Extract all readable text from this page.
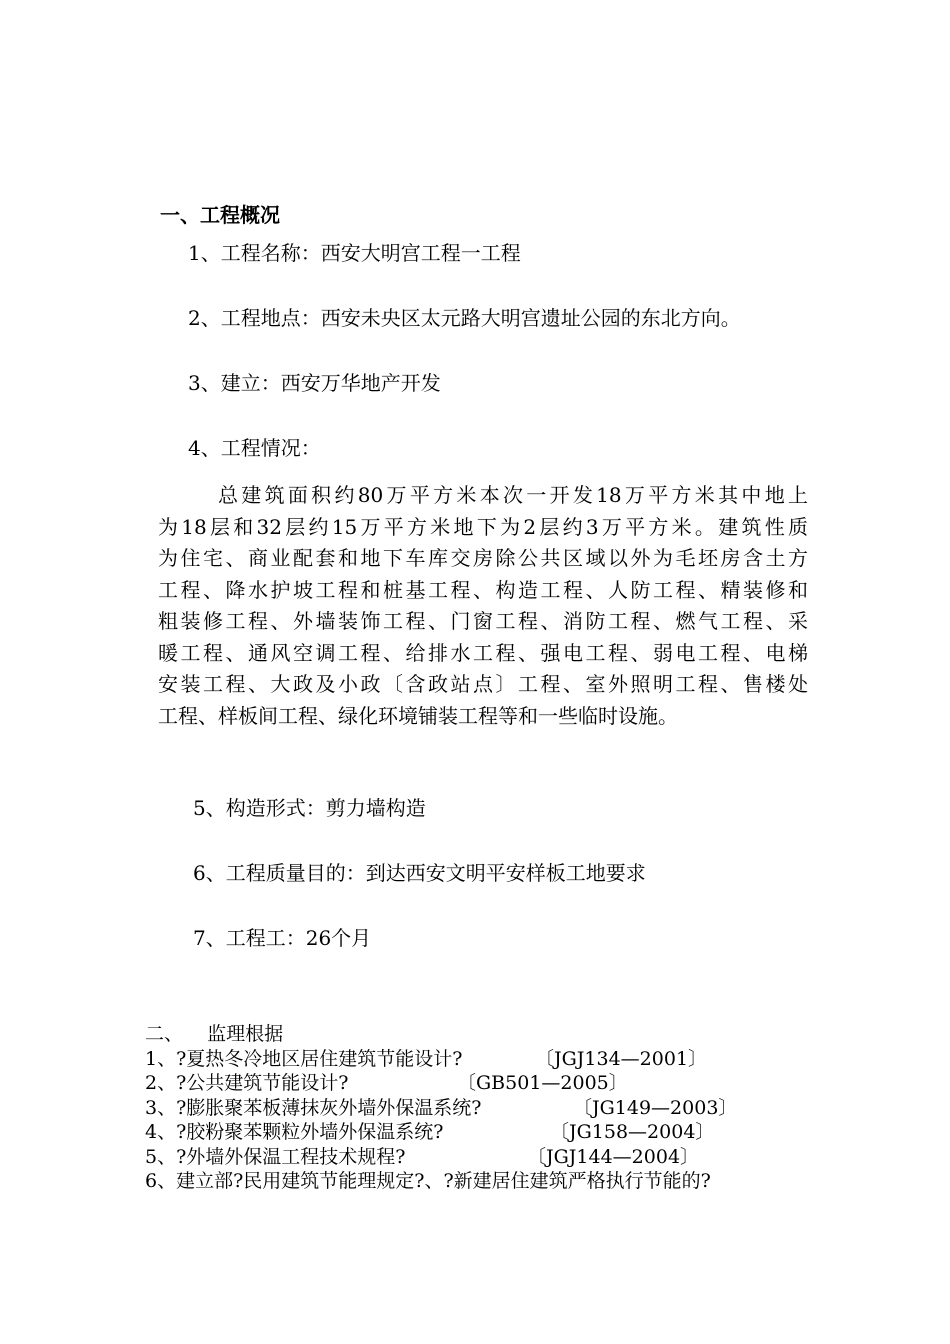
一、工程概况
1、工程名称：西安大明宫工程一工程
2、工程地点：西安未央区太元路大明宫遗址公园的东北方向。
3、建立：西安万华地产开发
4、工程情况：
总建筑面积约80万平方米本次一开发18万平方米其中地上
为18层和32层约15万平方米地下为2层约3万平方米。建筑性质
为住宅、商业配套和地下车库交房除公共区域以外为毛坯房含土方
工程、降水护坡工程和桩基工程、构造工程、人防工程、精装修和
粗装修工程、外墙装饰工程、门窗工程、消防工程、燃气工程、采
暖工程、通风空调工程、给排水工程、强电工程、弱电工程、电梯
安装工程、大政及小政〔含政站点〕工程、室外照明工程、售楼处
工程、样板间工程、绿化环境铺装工程等和一些临时设施。
5、构造形式：剪力墙构造
6、工程质量目的：到达西安文明平安样板工地要求
7、工程工：26个月
二、    监理根据
1、?夏热冬冷地区居住建筑节能设计?	〔JGJ134—2001〕
2、?公共建筑节能设计?	〔GB501—2005〕
3、?膨胀聚苯板薄抹灰外墙外保温系统?	〔JG149—2003〕
4、?胶粉聚苯颗粒外墙外保温系统?	〔JG158—2004〕
5、?外墙外保温工程技术规程?	〔JGJ144—2004〕
6、建立部?民用建筑节能理规定?、?新建居住建筑严格执行节能的?
